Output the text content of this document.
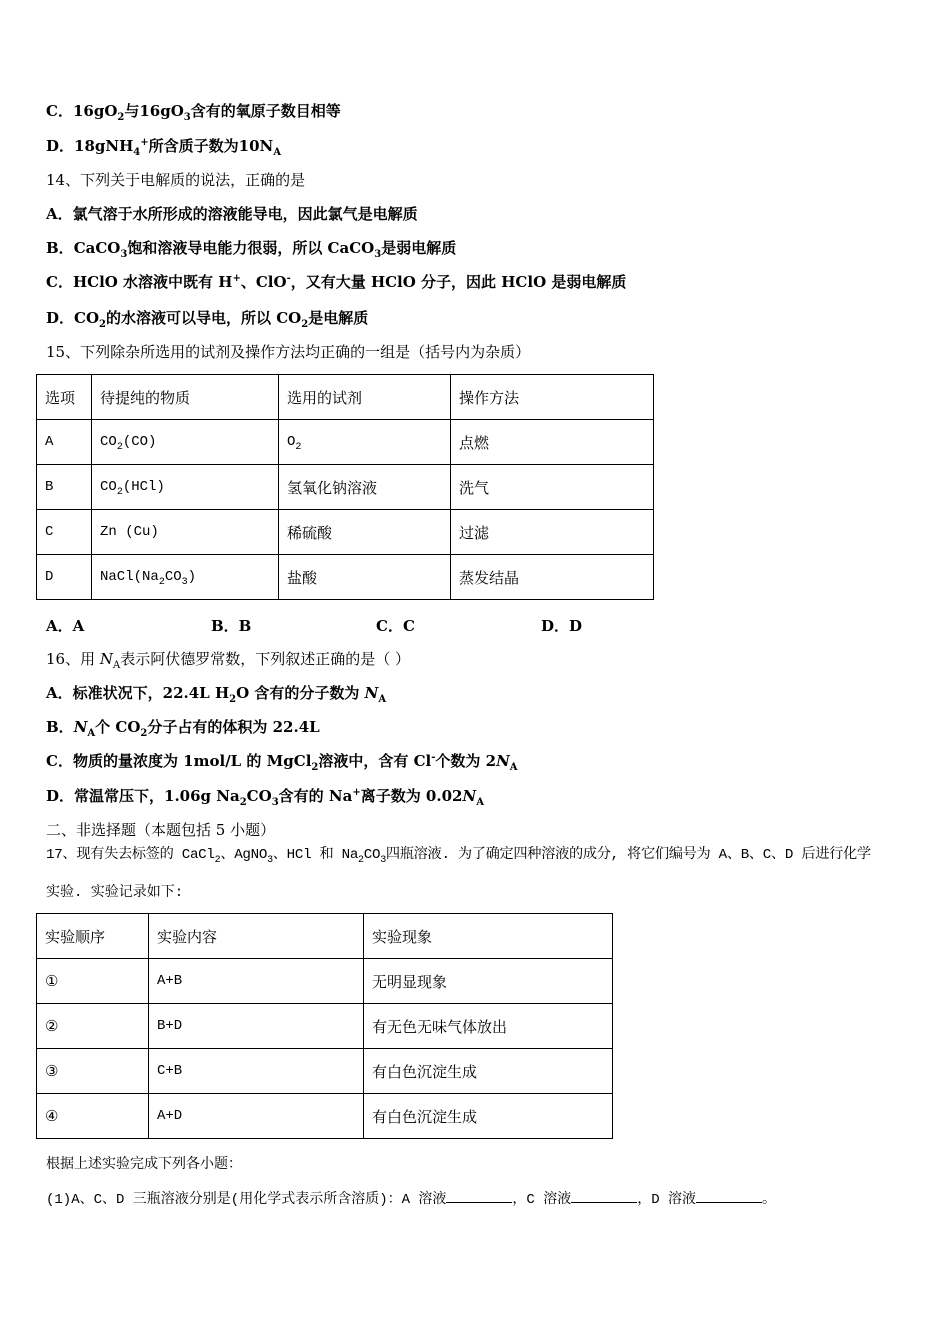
C．$16gO_2$与$16gO_3$含有的氧原子数目相等
D．18gNH$_4$+所含质子数为$10N_A$
14、下列关于电解质的说法，正确的是
A．氯气溶于水所形成的溶液能导电，因此氯气是电解质
B．CaCO$_3$饱和溶液导电能力很弱，所以 CaCO$_3$是弱电解质
C．HClO 水溶液中既有 H+、ClO-，又有大量 HClO 分子，因此 HClO 是弱电解质
D．$CO_2$的水溶液可以导电，所以 $CO_2$是电解质
15、下列除杂所选用的试剂及操作方法均正确的一组是（括号内为杂质）
选项	待提纯的物质	选用的试剂	操作方法
A	$CO_2(CO)$	$O_2$	点燃
B	$CO_2(HCl)$	氢氧化钠溶液	洗气
C	Zn (Cu)	稀硫酸	过滤
D	$NaCl(Na_2CO_3)$	盐酸	蒸发结晶
A．A	B．B	C．C	D．D
16、用 $N_A$表示阿伏德罗常数，下列叙述正确的是（ ）
A．标准状况下，22.4L $H_2O$ 含有的分子数为 $N_A$
B．$N_A$个 $CO_2$分子占有的体积为 22.4L
C．物质的量浓度为 1mol/L 的 MgCl$_2$溶液中，含有 Cl-个数为 $2N_A$
D．常温常压下，1.06g $Na_2CO_3$含有的 Na+离子数为 $0.02N_A$
二、非选择题（本题包括 5 小题）
17、现有失去标签的 CaCl$_2$、AgNO$_3$、HCl 和 $Na_2CO_3$四瓶溶液. 为了确定四种溶液的成分, 将它们编号为 A、B、C、D 后进行化学
实验. 实验记录如下:
实验顺序	实验内容	实验现象
①	A+B	无明显现象
②	B+D	有无色无味气体放出
③	C+B	有白色沉淀生成
④	A+D	有白色沉淀生成
根据上述实验完成下列各小题：
(1)A、C、D 三瓶溶液分别是(用化学式表示所含溶质)：A 溶液	，C 溶液	，D 溶液	。
